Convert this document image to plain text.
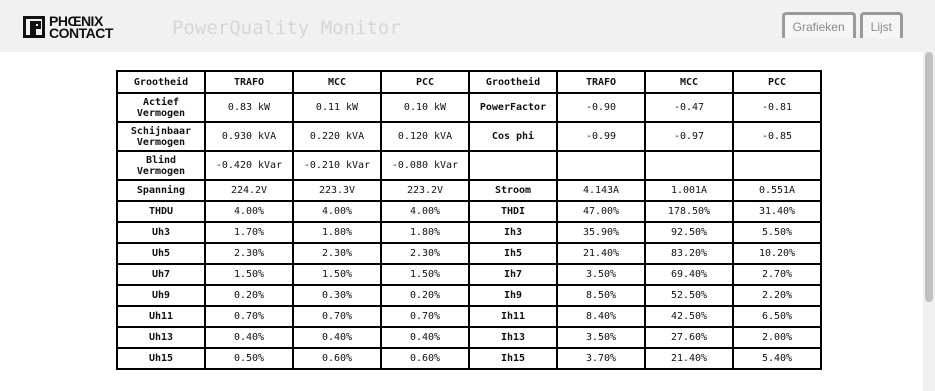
PHŒNIX
CONTACT	PowerQuality Monitor	Grafieken	Lijst
Grootheid	TRAFO	MCC	PCC	Grootheid	TRAFO	MCC	PCC
Actief
Vermogen	0.83 kW	0.11 kW	0.10 kW	PowerFactor	-0.90	-0.47	-0.81
Schijnbaar
Vermogen	0.930 kVA	0.220 kVA	0.120 kVA	Cos phi	-0.99	-0.97	-0.85
Blind
Vermogen	-0.420 kVar	-0.210 kVar	-0.080 kVar				
Spanning	224.2V	223.3V	223.2V	Stroom	4.143A	1.001A	0.551A
THDU	4.00%	4.00%	4.00%	THDI	47.00%	178.50%	31.40%
Uh3	1.70%	1.80%	1.80%	Ih3	35.90%	92.50%	5.50%
Uh5	2.30%	2.30%	2.30%	Ih5	21.40%	83.20%	10.20%
Uh7	1.50%	1.50%	1.50%	Ih7	3.50%	69.40%	2.70%
Uh9	0.20%	0.30%	0.20%	Ih9	8.50%	52.50%	2.20%
Uh11	0.70%	0.70%	0.70%	Ih11	8.40%	42.50%	6.50%
Uh13	0.40%	0.40%	0.40%	Ih13	3.50%	27.60%	2.00%
Uh15	0.50%	0.60%	0.60%	Ih15	3.70%	21.40%	5.40%
